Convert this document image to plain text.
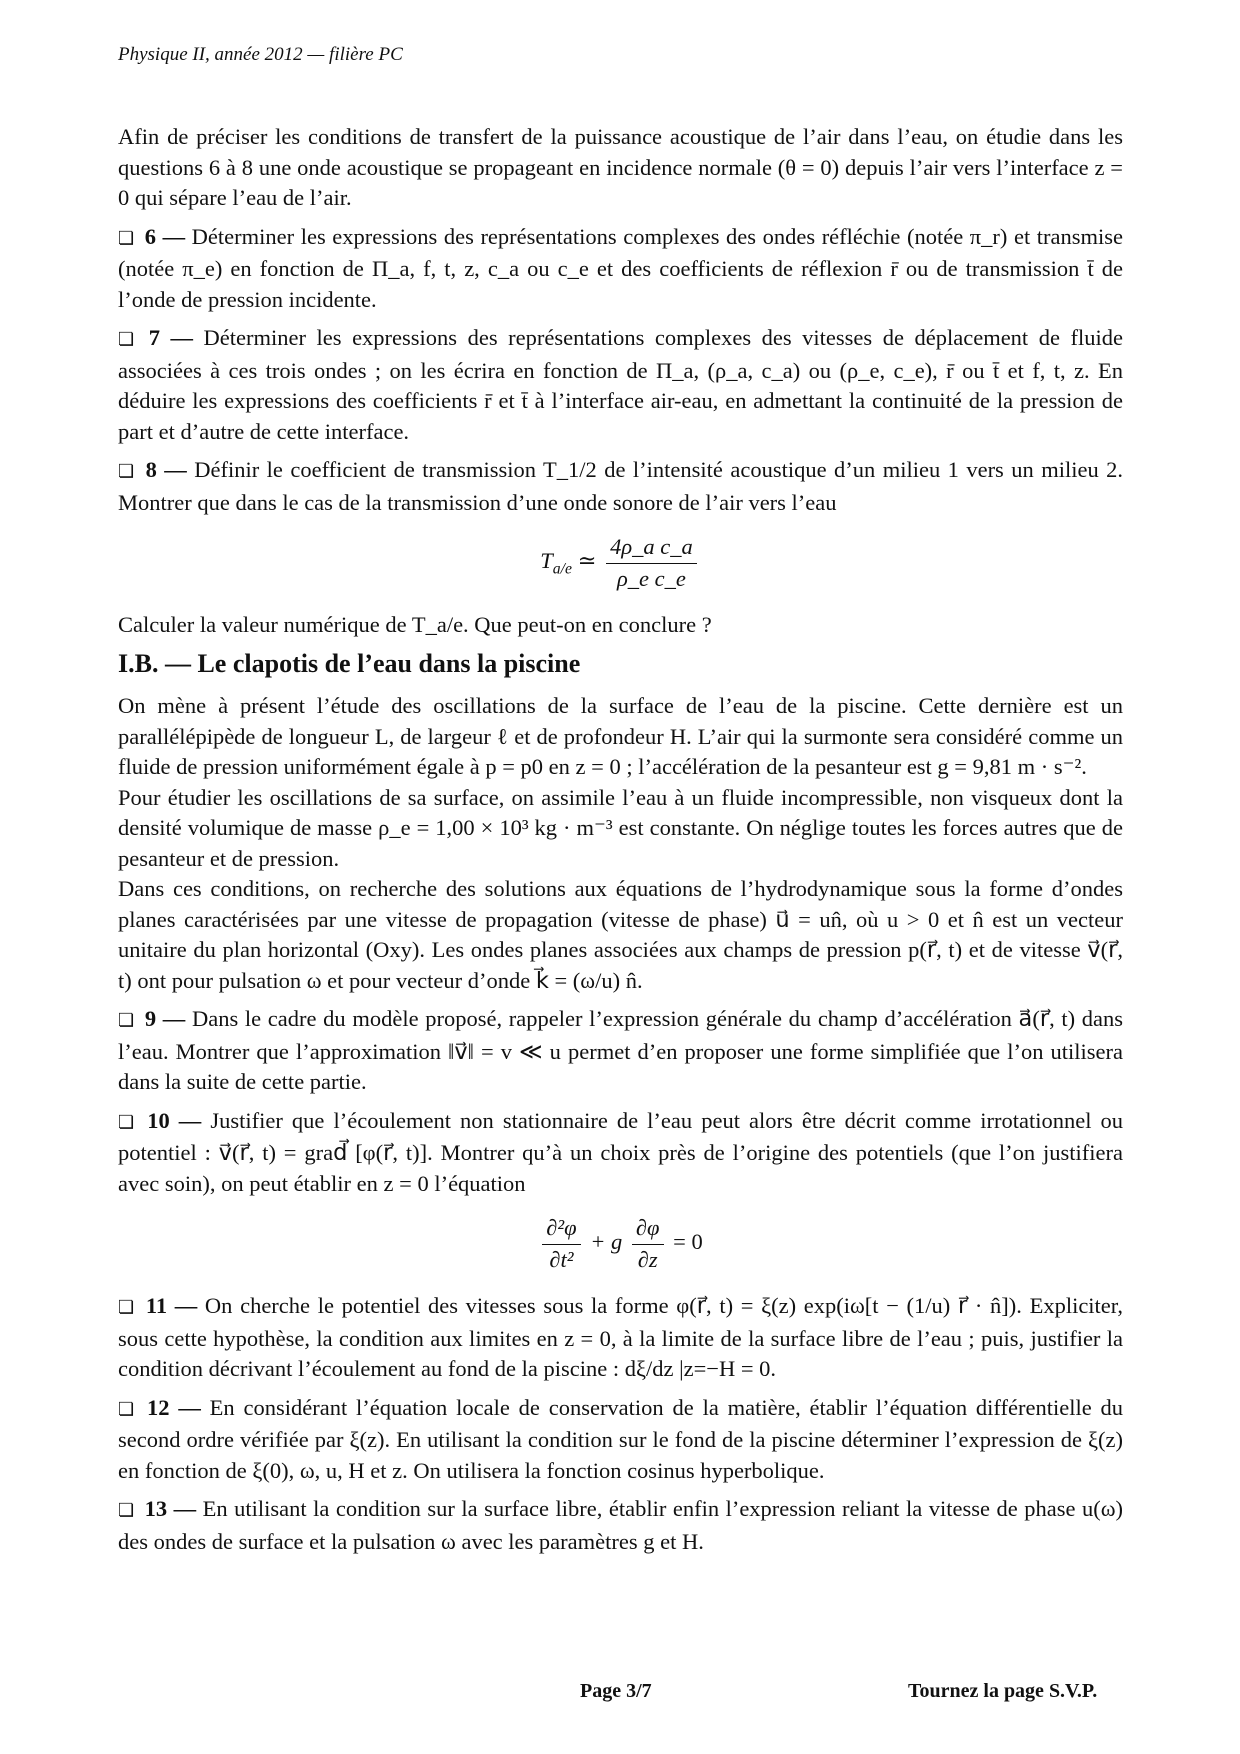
Physique II, année 2012 — filière PC

Afin de préciser les conditions de transfert de la puissance acoustique de l’air dans l’eau, on étudie dans les questions 6 à 8 une onde acoustique se propageant en incidence normale (θ = 0) depuis l’air vers l’interface z = 0 qui sépare l’eau de l’air.

❏ 6 — Déterminer les expressions des représentations complexes des ondes réfléchie (notée π_r) et transmise (notée π_e) en fonction de Π_a, f, t, z, c_a ou c_e et des coefficients de réflexion r̄ ou de transmission t̄ de l’onde de pression incidente.

❏ 7 — Déterminer les expressions des représentations complexes des vitesses de déplacement de fluide associées à ces trois ondes ; on les écrira en fonction de Π_a, (ρ_a, c_a) ou (ρ_e, c_e), r̄ ou t̄ et f, t, z. En déduire les expressions des coefficients r̄ et t̄ à l’interface air-eau, en admettant la continuité de la pression de part et d’autre de cette interface.

❏ 8 — Définir le coefficient de transmission T_1/2 de l’intensité acoustique d’un milieu 1 vers un milieu 2. Montrer que dans le cas de la transmission d’une onde sonore de l’air vers l’eau

$T_{a/e}$ ≃ $\frac{\text{4ρ\_a c\_a}}{\text{ρ\_e c\_e}}$

Calculer la valeur numérique de T_a/e. Que peut-on en conclure ?

I.B. — Le clapotis de l’eau dans la piscine

On mène à présent l’étude des oscillations de la surface de l’eau de la piscine. Cette dernière est un parallélépipède de longueur L, de largeur ℓ et de profondeur H. L’air qui la surmonte sera considéré comme un fluide de pression uniformément égale à p = p0 en z = 0 ; l’accélération de la pesanteur est g = 9,81 m · s⁻².

Pour étudier les oscillations de sa surface, on assimile l’eau à un fluide incompressible, non visqueux dont la densité volumique de masse ρ_e = 1,00 × 10³ kg · m⁻³ est constante. On néglige toutes les forces autres que de pesanteur et de pression.

Dans ces conditions, on recherche des solutions aux équations de l’hydrodynamique sous la forme d’ondes planes caractérisées par une vitesse de propagation (vitesse de phase) u⃗ = un̂, où u > 0 et n̂ est un vecteur unitaire du plan horizontal (Oxy). Les ondes planes associées aux champs de pression p(r⃗, t) et de vitesse v⃗(r⃗, t) ont pour pulsation ω et pour vecteur d’onde k⃗ = (ω/u) n̂.

❏ 9 — Dans le cadre du modèle proposé, rappeler l’expression générale du champ d’accélération a⃗(r⃗, t) dans l’eau. Montrer que l’approximation ‖v⃗‖ = v ≪ u permet d’en proposer une forme simplifiée que l’on utilisera dans la suite de cette partie.

❏ 10 — Justifier que l’écoulement non stationnaire de l’eau peut alors être décrit comme irrotationnel ou potentiel : v⃗(r⃗, t) = grad⃗ [φ(r⃗, t)]. Montrer qu’à un choix près de l’origine des potentiels (que l’on justifiera avec soin), on peut établir en z = 0 l’équation

$\frac{\text{∂²φ}}{\text{∂t²}} + g \frac{\partial\varphi}{\partial z} = 0$

❏ 11 — On cherche le potentiel des vitesses sous la forme φ(r⃗, t) = ξ(z) exp(iω[t − (1/u) r⃗ · n̂]). Expliciter, sous cette hypothèse, la condition aux limites en z = 0, à la limite de la surface libre de l’eau ; puis, justifier la condition décrivant l’écoulement au fond de la piscine : dξ/dz |z=−H = 0.

❏ 12 — En considérant l’équation locale de conservation de la matière, établir l’équation différentielle du second ordre vérifiée par ξ(z). En utilisant la condition sur le fond de la piscine déterminer l’expression de ξ(z) en fonction de ξ(0), ω, u, H et z. On utilisera la fonction cosinus hyperbolique.

❏ 13 — En utilisant la condition sur la surface libre, établir enfin l’expression reliant la vitesse de phase u(ω) des ondes de surface et la pulsation ω avec les paramètres g et H.

Page 3/7	Tournez la page S.V.P.
